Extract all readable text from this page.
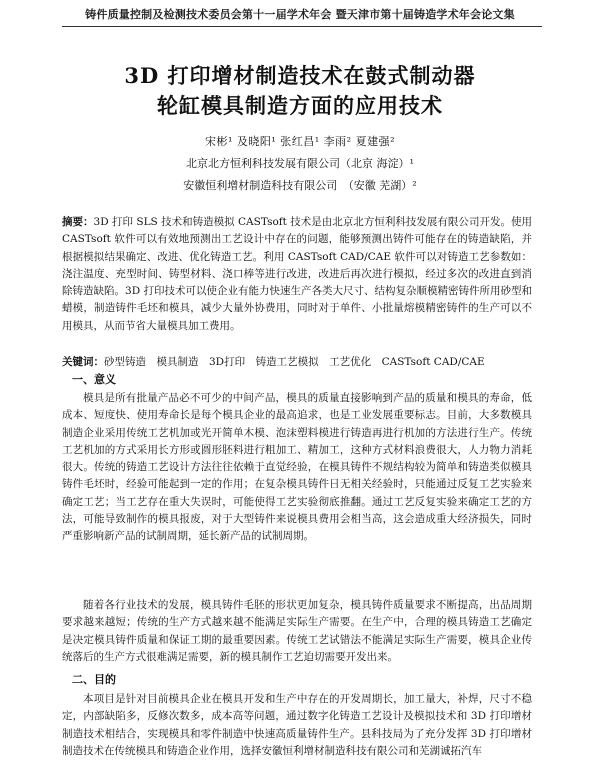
铸件质量控制及检测技术委员会第十一届学术年会 暨天津市第十届铸造学术年会论文集
3D 打印增材制造技术在鼓式制动器
轮缸模具制造方面的应用技术
宋彬¹ 及晓阳¹ 张红昌¹ 李雨² 夏建强²
北京北方恒利科技发展有限公司（北京 海淀）¹
安徽恒利增材制造科技有限公司　（安徽 芜湖）²
摘要：3D 打印 SLS 技术和铸造模拟 CASTsoft 技术是由北京北方恒利科技发展有限公司开发。使用 CASTsoft 软件可以有效地预测出工艺设计中存在的问题，能够预测出铸件可能存在的铸造缺陷，并根据模拟结果确定、改进、优化铸造工艺。利用 CASTsoft CAD/CAE 软件可以对铸造工艺参数如：浇注温度、充型时间、铸型材料、浇口棒等进行改进，改进后再次进行模拟，经过多次的改进直到消除铸造缺陷。3D 打印技术可以使企业有能力快速生产各类大尺寸、结构复杂顺模精密铸件所用砂型和蜡模，制造铸件毛坯和模具，减少大量外协费用，同时对于单件、小批量熔模精密铸件的生产可以不用模具，从而节省大量模具加工费用。
关键词：砂型铸造　模具制造　3D打印　铸造工艺模拟　工艺优化　CASTsoft CAD/CAE
一、意义
模具是所有批量产品必不可少的中间产品，模具的质量直接影响到产品的质量和模具的寿命，低成本、短度快、使用寿命长是每个模具企业的最高追求，也是工业发展重要标志。目前，大多数模具制造企业采用传统工艺机加或光开简单木模、泡沫塑料模进行铸造再进行机加的方法进行生产。传统工艺机加的方式采用长方形或圆形胚料进行粗加工、精加工，这种方式材料浪费很大，人力物力消耗很大。传统的铸造工艺设计方法往往依赖于直觉经验，在模具铸件不规结构较为简单和铸造类似模具铸件毛坯时，经验可能起到一定的作用；在复杂模具铸件日无相关经验时，只能通过反复工艺实验来确定工艺；当工艺存在重大失误时，可能使得工艺实验彻底推翻。通过工艺反复实验来确定工艺的方法，可能导致制作的模具报废，对于大型铸件来说模具费用会相当高，这会造成重大经济损失，同时严重影响新产品的试制周期，延长新产品的试制周期。
随着各行业技术的发展，模具铸件毛胚的形状更加复杂，模具铸件质量要求不断提高，出品周期要求越来越短；传统的生产方式越来越不能满足实际生产需要。在生产中，合理的模具铸造工艺确定是决定模具铸件质量和保证工期的最重要因素。传统工艺试错法不能满足实际生产需要，模具企业传统落后的生产方式很难满足需要，新的模具制作工艺迫切需要开发出来。
二、目的
本项目是针对目前模具企业在模具开发和生产中存在的开发周期长，加工量大，补焊，尺寸不稳定，内部缺陷多，反修次数多，成本高等问题，通过数字化铸造工艺设计及模拟技术和 3D 打印增材制造技术相结合，实现模具和零件制造中快速高质量铸件生产。县科技局为了充分发挥 3D 打印增材制造技术在传统模具和铸造企业作用，选择安徽恒利增材制造科技有限公司和芜湖诚拓汽车
